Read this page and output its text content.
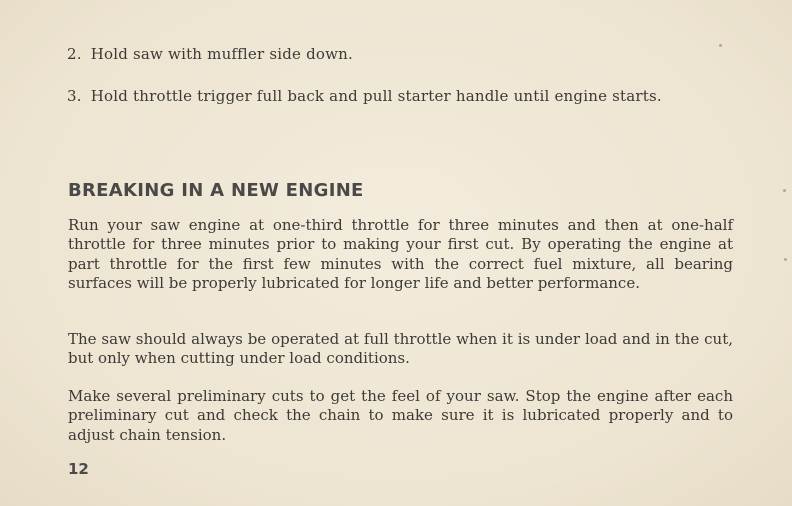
2. Hold saw with muffler side down.
3. Hold throttle trigger full back and pull starter handle until engine starts.
BREAKING IN A NEW ENGINE

Run your saw engine at one-third throttle for three minutes and then at one-half throttle for three minutes prior to making your first cut. By operating the engine at part throttle for the first few minutes with the correct fuel mixture, all bearing surfaces will be properly lubricated for longer life and better performance.

The saw should always be operated at full throttle when it is under load and in the cut, but only when cutting under load conditions.

Make several preliminary cuts to get the feel of your saw. Stop the engine after each preliminary cut and check the chain to make sure it is lubricated properly and to adjust chain tension.

12
